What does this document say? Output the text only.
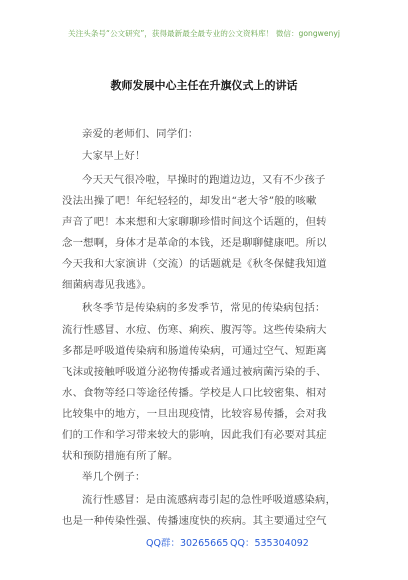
关注头条号“公文研究”，获得最新最全最专业的公文资料库！ 微信：gongwenyj
教师发展中心主任在升旗仪式上的讲话
亲爱的老师们、同学们：
大家早上好！
今天天气很冷啦，早操时的跑道边边，又有不少孩子
没法出操了吧！年纪轻轻的，却发出“老大爷”般的咳嗽
声音了吧！本来想和大家聊聊珍惜时间这个话题的，但转
念一想啊，身体才是革命的本钱，还是聊聊健康吧。所以
今天我和大家演讲（交流）的话题就是《秋冬保健我知道
细菌病毒见我逃》。
秋冬季节是传染病的多发季节，常见的传染病包括：
流行性感冒、水痘、伤寒、痢疾、腹泻等。这些传染病大
多都是呼吸道传染病和肠道传染病，可通过空气、短距离
飞沫或接触呼吸道分泌物传播或者通过被病菌污染的手、
水、食物等经口等途径传播。学校是人口比较密集、相对
比较集中的地方，一旦出现疫情，比较容易传播，会对我
们的工作和学习带来较大的影响，因此我们有必要对其症
状和预防措施有所了解。
举几个例子：
流行性感冒：是由流感病毒引起的急性呼吸道感染病，
也是一种传染性强、传播速度快的疾病。其主要通过空气
QQ群：30265665 QQ：535304092
